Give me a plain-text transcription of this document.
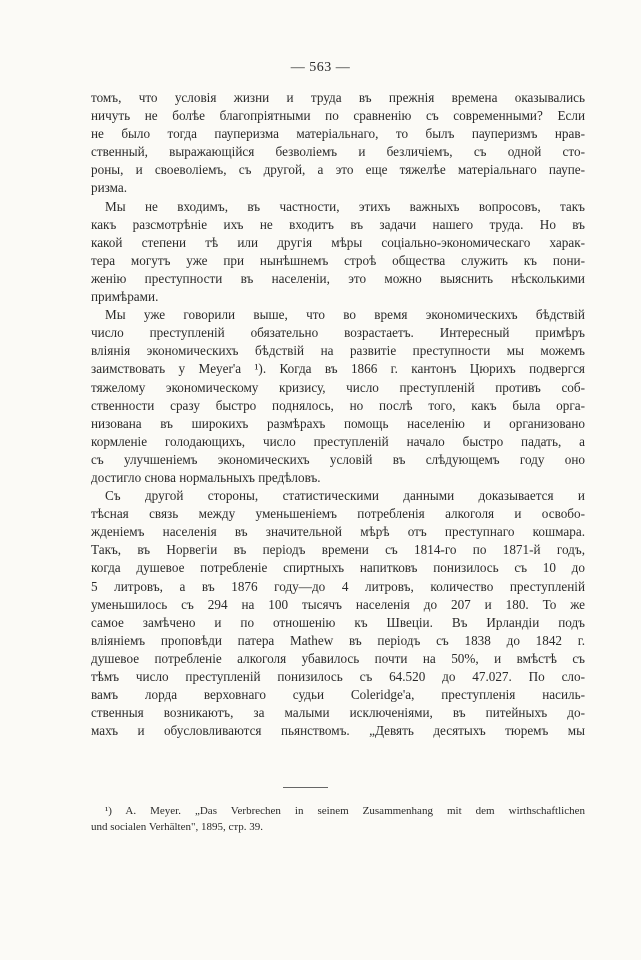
— 563 —
томъ, что условія жизни и труда въ прежнія времена оказывались
ничуть не болѣе благопріятными по сравненію съ современными? Если
не было тогда пауперизма матеріальнаго, то былъ пауперизмъ нрав-
ственный, выражающійся безволіемъ и безличіемъ, съ одной сто-
роны, и своеволіемъ, съ другой, а это еще тяжелѣе матеріальнаго паупе-
ризма.
Мы не входимъ, въ частности, этихъ важныхъ вопросовъ, такъ
какъ разсмотрѣніе ихъ не входитъ въ задачи нашего труда. Но въ
какой степени тѣ или другія мѣры соціально-экономическаго харак-
тера могутъ уже при нынѣшнемъ строѣ общества служить къ пони-
женію преступности въ населеніи, это можно выяснить нѣсколькими
примѣрами.
Мы уже говорили выше, что во время экономическихъ бѣдствій
число преступленій обязательно возрастаетъ. Интересный примѣръ
вліянія экономическихъ бѣдствій на развитіе преступности мы можемъ
заимствовать у Meyer'а ¹). Когда въ 1866 г. кантонъ Цюрихъ подвергся
тяжелому экономическому кризису, число преступленій противъ соб-
ственности сразу быстро поднялось, но послѣ того, какъ была орга-
низована въ широкихъ размѣрахъ помощь населенію и организовано
кормленіе голодающихъ, число преступленій начало быстро падать, а
съ улучшеніемъ экономическихъ условій въ слѣдующемъ году оно
достигло снова нормальныхъ предѣловъ.
Съ другой стороны, статистическими данными доказывается и
тѣсная связь между уменьшеніемъ потребленія алкоголя и освобо-
жденіемъ населенія въ значительной мѣрѣ отъ преступнаго кошмара.
Такъ, въ Норвегіи въ періодъ времени съ 1814-го по 1871-й годъ,
когда душевое потребленіе спиртныхъ напитковъ понизилось съ 10 до
5 литровъ, а въ 1876 году—до 4 литровъ, количество преступленій
уменьшилось съ 294 на 100 тысячъ населенія до 207 и 180. То же
самое замѣчено и по отношенію къ Швеціи. Въ Ирландіи подъ
вліяніемъ проповѣди патера Mathew въ періодъ съ 1838 до 1842 г.
душевое потребленіе алкоголя убавилось почти на 50%, и вмѣстѣ съ
тѣмъ число преступленій понизилось съ 64.520 до 47.027. По сло-
вамъ лорда верховнаго судьи Coleridge'а, преступленія насиль-
ственныя возникаютъ, за малыми исключеніями, въ питейныхъ до-
махъ и обусловливаются пьянствомъ. „Девять десятыхъ тюремъ мы
¹) A. Meyer. „Das Verbrechen in seinem Zusammenhang mit dem wirthschaftlichen
und socialen Verhälten", 1895, стр. 39.
